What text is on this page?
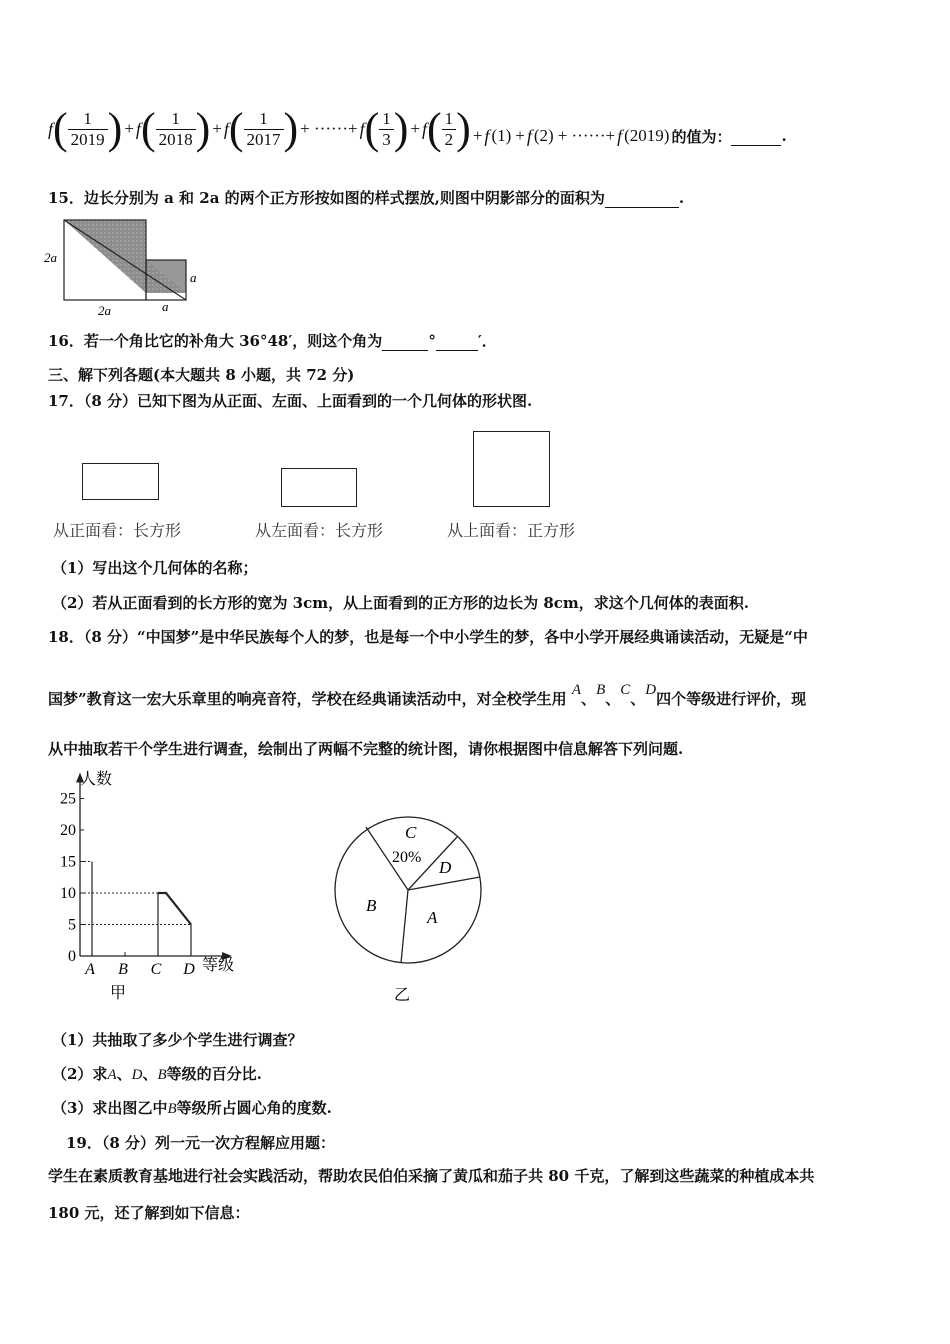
f ( $\frac{1}{2019}$ ) + f ( $\frac{1}{2018}$ ) + f ( $\frac{1}{2017}$ ) + ······+ f ( $\frac{1}{3}$ ) + f ( $\frac{1}{2}$ ) + f (1) + f (2) + ······+ f (2019) 的值为：
	.
15．边长分别为 a 和 2a 的两个正方形按如图的样式摆放,则图中阴影部分的面积为	.
2a
2a	a
a
16．若一个角比它的补角大 36°48′，则这个角为	°	′．
三、解下列各题(本大题共 8 小题，共 72 分)
17．（8 分）已知下图为从正面、左面、上面看到的一个几何体的形状图.
从正面看：长方形	从左面看：长方形	从上面看：正方形
（1）写出这个几何体的名称；
（2）若从正面看到的长方形的宽为 3cm，从上面看到的正方形的边长为 8cm，求这个几何体的表面积.
18．（8 分）“中国梦”是中华民族每个人的梦，也是每一个中小学生的梦，各中小学开展经典诵读活动，无疑是“中
国梦”教育这一宏大乐章里的响亮音符，学校在经典诵读活动中，对全校学生用 A、B、C、D四个等级进行评价，现
从中抽取若干个学生进行调查，绘制出了两幅不完整的统计图，请你根据图中信息解答下列问题.
0
5
10
15
20
25
A B C D
人数
等级
甲
C
20%
D
A
B
乙
（1）共抽取了多少个学生进行调查？
（2）求A、D、B等级的百分比.
（3）求出图乙中B等级所占圆心角的度数.
19．（8 分）列一元一次方程解应用题：
学生在素质教育基地进行社会实践活动，帮助农民伯伯采摘了黄瓜和茄子共 80 千克，了解到这些蔬菜的种植成本共
180 元，还了解到如下信息：
